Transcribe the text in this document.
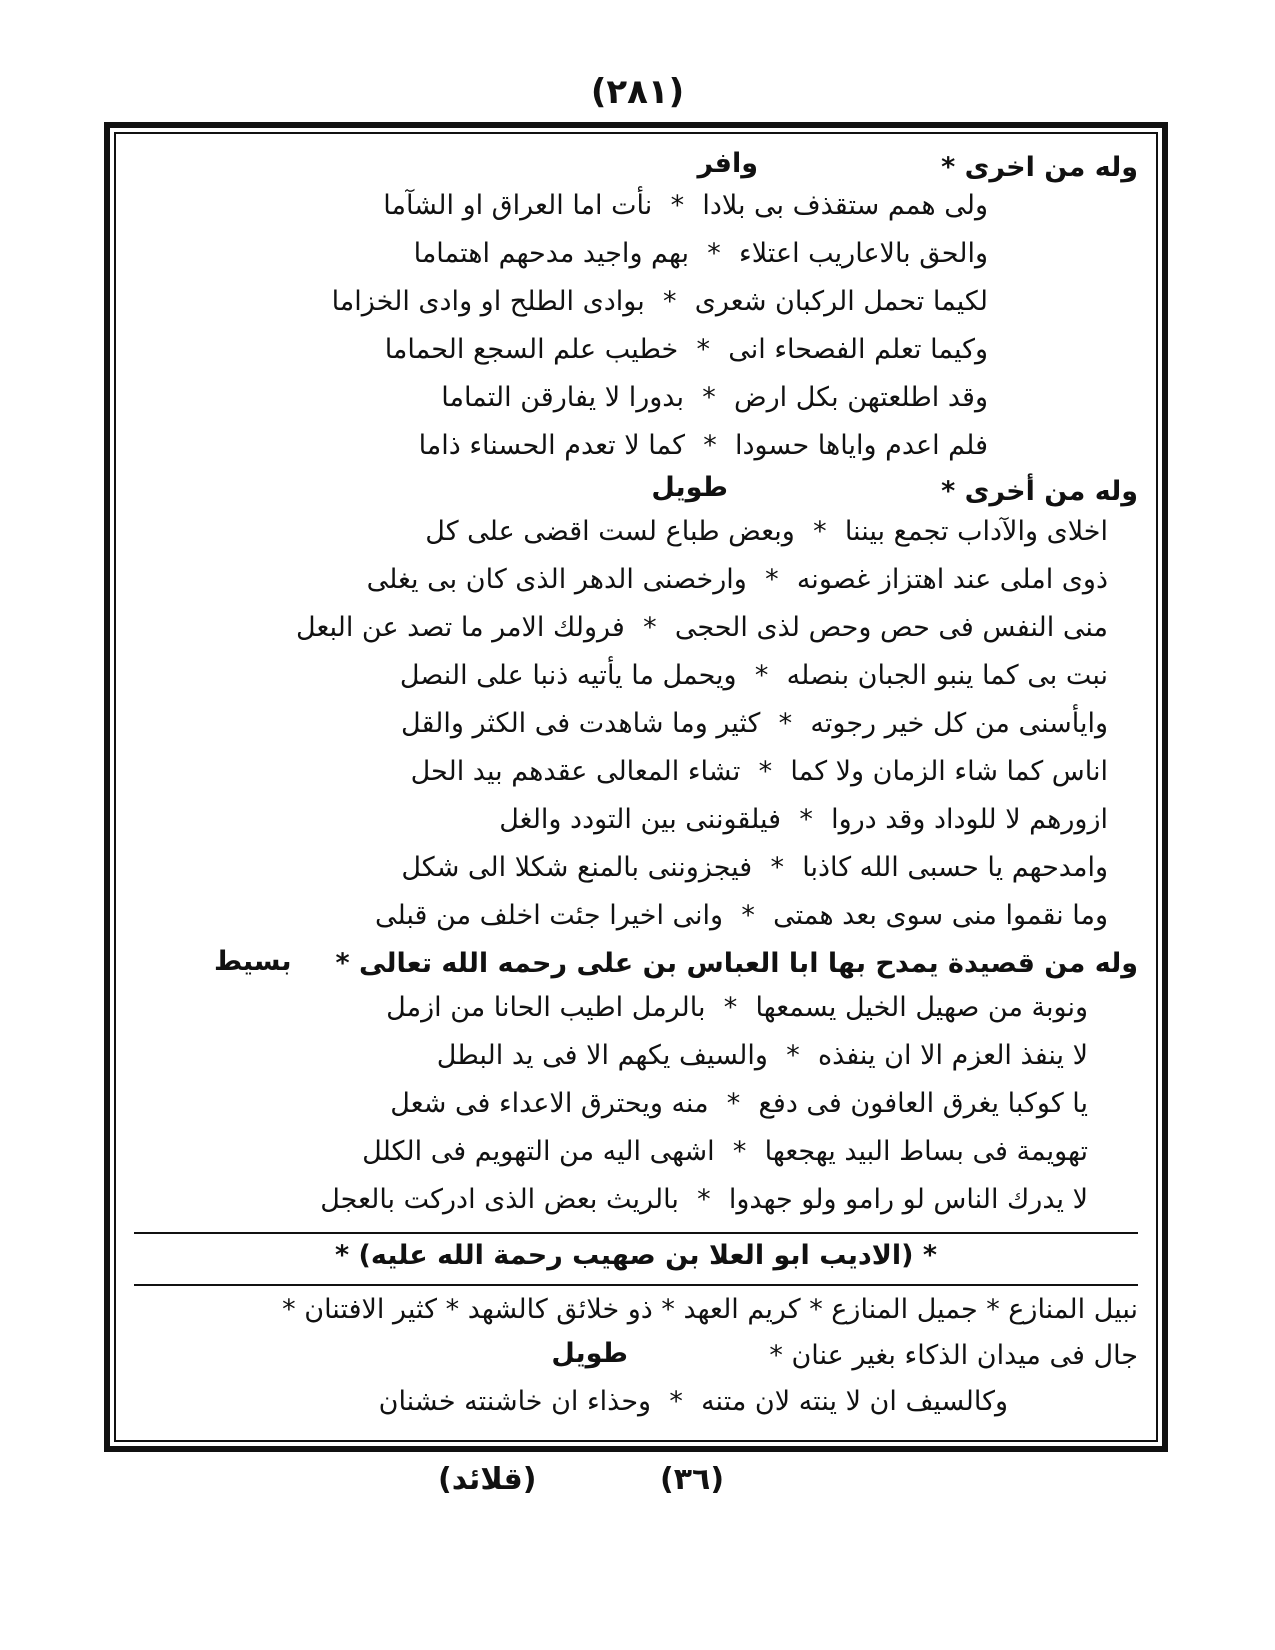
(٢٨١)
وله من اخرى *
وافر
ولى همم ستقذف بى بلادا
*
نأت اما العراق او الشآما
والحق بالاعاريب اعتلاء
*
بهم واجيد مدحهم اهتماما
لكيما تحمل الركبان شعرى
*
بوادى الطلح او وادى الخزاما
وكيما تعلم الفصحاء انى
*
خطيب علم السجع الحماما
وقد اطلعتهن بكل ارض
*
بدورا لا يفارقن التماما
فلم اعدم واياها حسودا
*
كما لا تعدم الحسناء ذاما
وله من أخرى *
طويل
اخلاى والآداب تجمع بيننا
*
وبعض طباع لست اقضى على كل
ذوى املى عند اهتزاز غصونه
*
وارخصنى الدهر الذى كان بى يغلى
منى النفس فى حص وحص لذى الحجى
*
فرولك الامر ما تصد عن البعل
نبت بى كما ينبو الجبان بنصله
*
ويحمل ما يأتيه ذنبا على النصل
وايأسنى من كل خير رجوته
*
كثير وما شاهدت فى الكثر والقل
اناس كما شاء الزمان ولا كما
*
تشاء المعالى عقدهم بيد الحل
ازورهم لا للوداد وقد دروا
*
فيلقوننى بين التودد والغل
وامدحهم يا حسبى الله كاذبا
*
فيجزوننى بالمنع شكلا الى شكل
وما نقموا منى سوى بعد همتى
*
وانى اخيرا جئت اخلف من قبلى
وله من قصيدة يمدح بها ابا العباس بن على رحمه الله تعالى *
بسيط
ونوبة من صهيل الخيل يسمعها
*
بالرمل اطيب الحانا من ازمل
لا ينفذ العزم الا ان ينفذه
*
والسيف يكهم الا فى يد البطل
يا كوكبا يغرق العافون فى دفع
*
منه ويحترق الاعداء فى شعل
تهويمة فى بساط البيد يهجعها
*
اشهى اليه من التهويم فى الكلل
لا يدرك الناس لو رامو ولو جهدوا
*
بالريث بعض الذى ادركت بالعجل
* (الاديب ابو العلا بن صهيب رحمة الله عليه) *
نبيل المنازع * جميل المنازع * كريم العهد * ذو خلائق كالشهد * كثير الافتنان *
جال فى ميدان الذكاء بغير عنان *
طويل
وكالسيف ان لا ينته لان متنه
*
وحذاء ان خاشنته خشنان
(قلائد)	(٣٦)
